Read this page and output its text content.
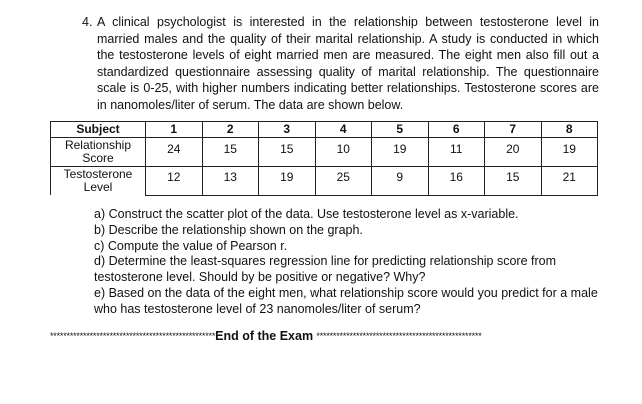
4. A clinical psychologist is interested in the relationship between testosterone level in married males and the quality of their marital relationship. A study is conducted in which the testosterone levels of eight married men are measured. The eight men also fill out a standardized questionnaire assessing quality of marital relationship. The questionnaire scale is 0-25, with higher numbers indicating better relationships. Testosterone scores are in nanomoles/liter of serum. The data are shown below.
Subject	1	2	3	4	5	6	7	8
Relationship Score	24	15	15	10	19	11	20	19
Testosterone Level	12	13	19	25	9	16	15	21
a) Construct the scatter plot of the data. Use testosterone level as x-variable.
b) Describe the relationship shown on the graph.
c) Compute the value of Pearson r.
d) Determine the least-squares regression line for predicting relationship score from testosterone level. Should by be positive or negative? Why?
e) Based on the data of the eight men, what relationship score would you predict for a male who has testosterone level of 23 nanomoles/liter of serum?
**************************************************End of the Exam **************************************************
